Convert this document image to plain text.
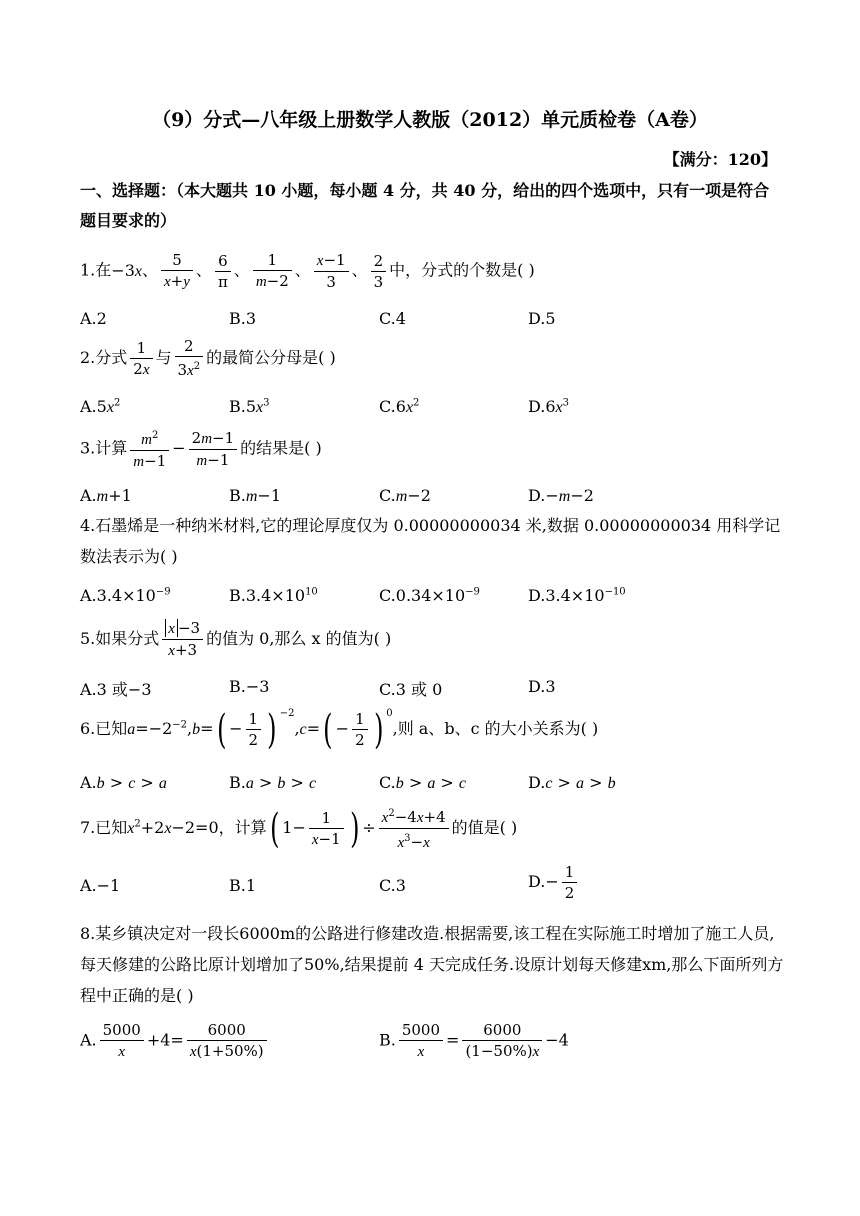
（9）分式—八年级上册数学人教版（2012）单元质检卷（A卷）
【满分：120】
一、选择题：（本大题共 10 小题，每小题 4 分，共 40 分，给出的四个选项中，只有一项是符合题目要求的）
1.在−3x、 $\frac{5}{x+y}$ 、 $\frac{6}{\pi}$ 、 $\frac{1}{m-2}$ 、 $\frac{x-1}{3}$ 、 $\frac{2}{3}$ 中，分式的个数是( )
A.2	B.3	C.4	D.5
2.分式 $\frac{1}{2x}$ 与 $\frac{2}{3x^2}$ 的最简公分母是( )
$A.5x^2$	$B.5x^3$	$C.6x^2$	$D.6x^3$
3.计算 $\frac{m^2}{m-1} - \frac{2m-1}{m-1}$ 的结果是( )
A.m+1	B.m−1	C.m−2	D.−m−2
4.石墨烯是一种纳米材料,它的理论厚度仅为 0.00000000034 米,数据 0.00000000034 用科学记数法表示为( )
$A.3.4\times 10^{-9}$	$B.3.4\times 10^{10}$	$C.0.34\times 10^{-9}$	$D.3.4\times 10^{-10}$
5.如果分式 $\frac{x -3}{x+3}$ 的值为 0,那么 x 的值为( )
A.3 或−3	B.−3	C.3 或 0	D.3
6.已知$a=-2^{-2},b=( - \frac{1}{2}$ ) $^{-2},c=( - \frac{1}{2}$ ) $^0$,则 a、b、c 的大小关系为( )
A.b > c > a	B.a > b > c	C.b > a > c	D.c > a > b
7.已知$x^2+2x-2=0$，计算( $1- \frac{1}{x-1}$ ) ÷ $\frac{x^2-4x+4}{x^3-x}$ 的值是( )
A.−1	B.1	C.3	$D.- \frac{1}{2}$
8.某乡镇决定对一段长6000m的公路进行修建改造.根据需要,该工程在实际施工时增加了施工人员,每天修建的公路比原计划增加了50%,结果提前 4 天完成任务.设原计划每天修建xm,那么下面所列方程中正确的是( )
A. $\frac{5000}{x} +4= \frac{6000}{x(1+50\%)}$	B. $\frac{5000}{x} = \frac{6000}{(1-50\%)x} -4$
